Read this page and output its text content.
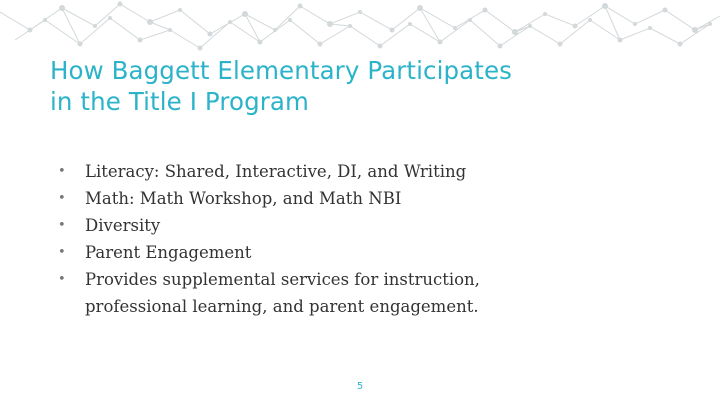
How Baggett Elementary Participates
in the Title I Program
• Literacy: Shared, Interactive, DI, and Writing
• Math: Math Workshop, and Math NBI
• Diversity
• Parent Engagement
• Provides supplemental services for instruction,
professional learning, and parent engagement.
5
